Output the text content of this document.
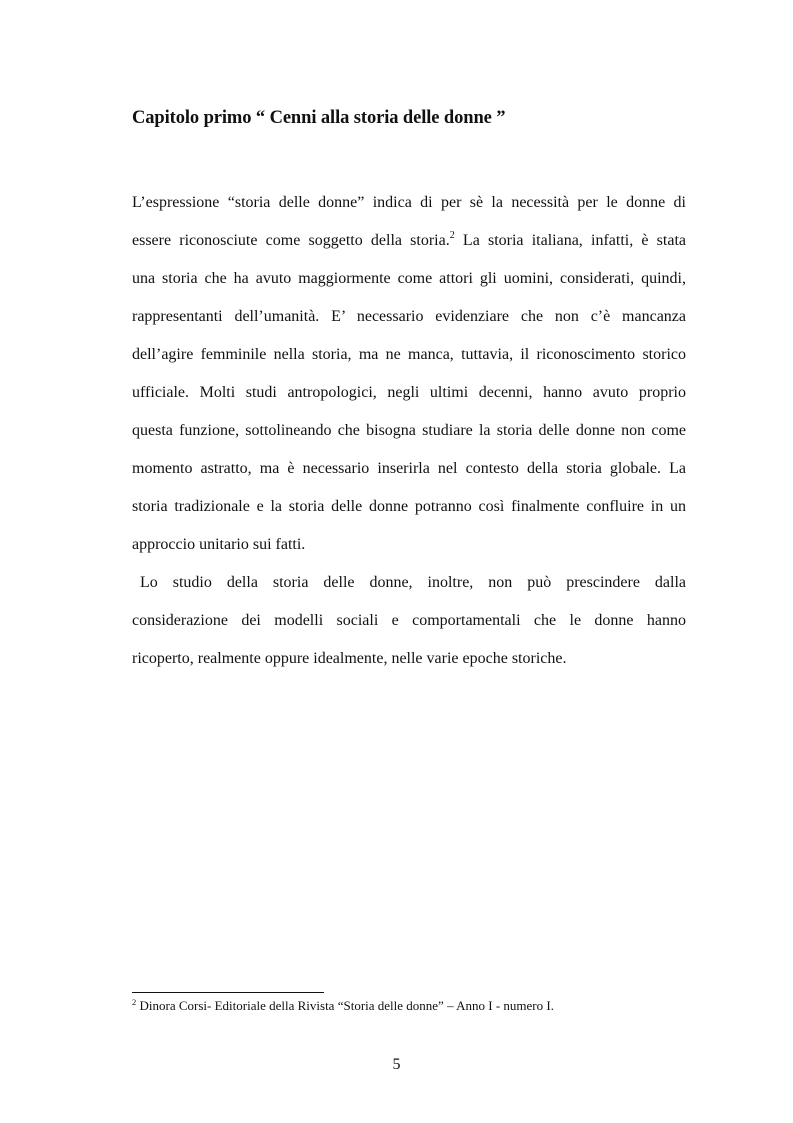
Capitolo primo “ Cenni alla storia delle donne ”
L’espressione “storia delle donne” indica di per sè la necessità per le donne di
essere riconosciute come soggetto della storia.$^2$ La storia italiana, infatti, è stata
una storia che ha avuto maggiormente come attori gli uomini, considerati, quindi,
rappresentanti dell’umanità. E’ necessario evidenziare che non c’è mancanza
dell’agire femminile nella storia, ma ne manca, tuttavia, il riconoscimento storico
ufficiale. Molti studi antropologici, negli ultimi decenni, hanno avuto proprio
questa funzione, sottolineando che bisogna studiare la storia delle donne non come
momento astratto, ma è necessario inserirla nel contesto della storia globale. La
storia tradizionale e la storia delle donne potranno così finalmente confluire in un
approccio unitario sui fatti.
Lo studio della storia delle donne, inoltre, non può prescindere dalla
considerazione dei modelli sociali e comportamentali che le donne hanno
ricoperto, realmente oppure idealmente, nelle varie epoche storiche.
$^2$ Dinora Corsi- Editoriale della Rivista “Storia delle donne” – Anno I - numero I.
5
